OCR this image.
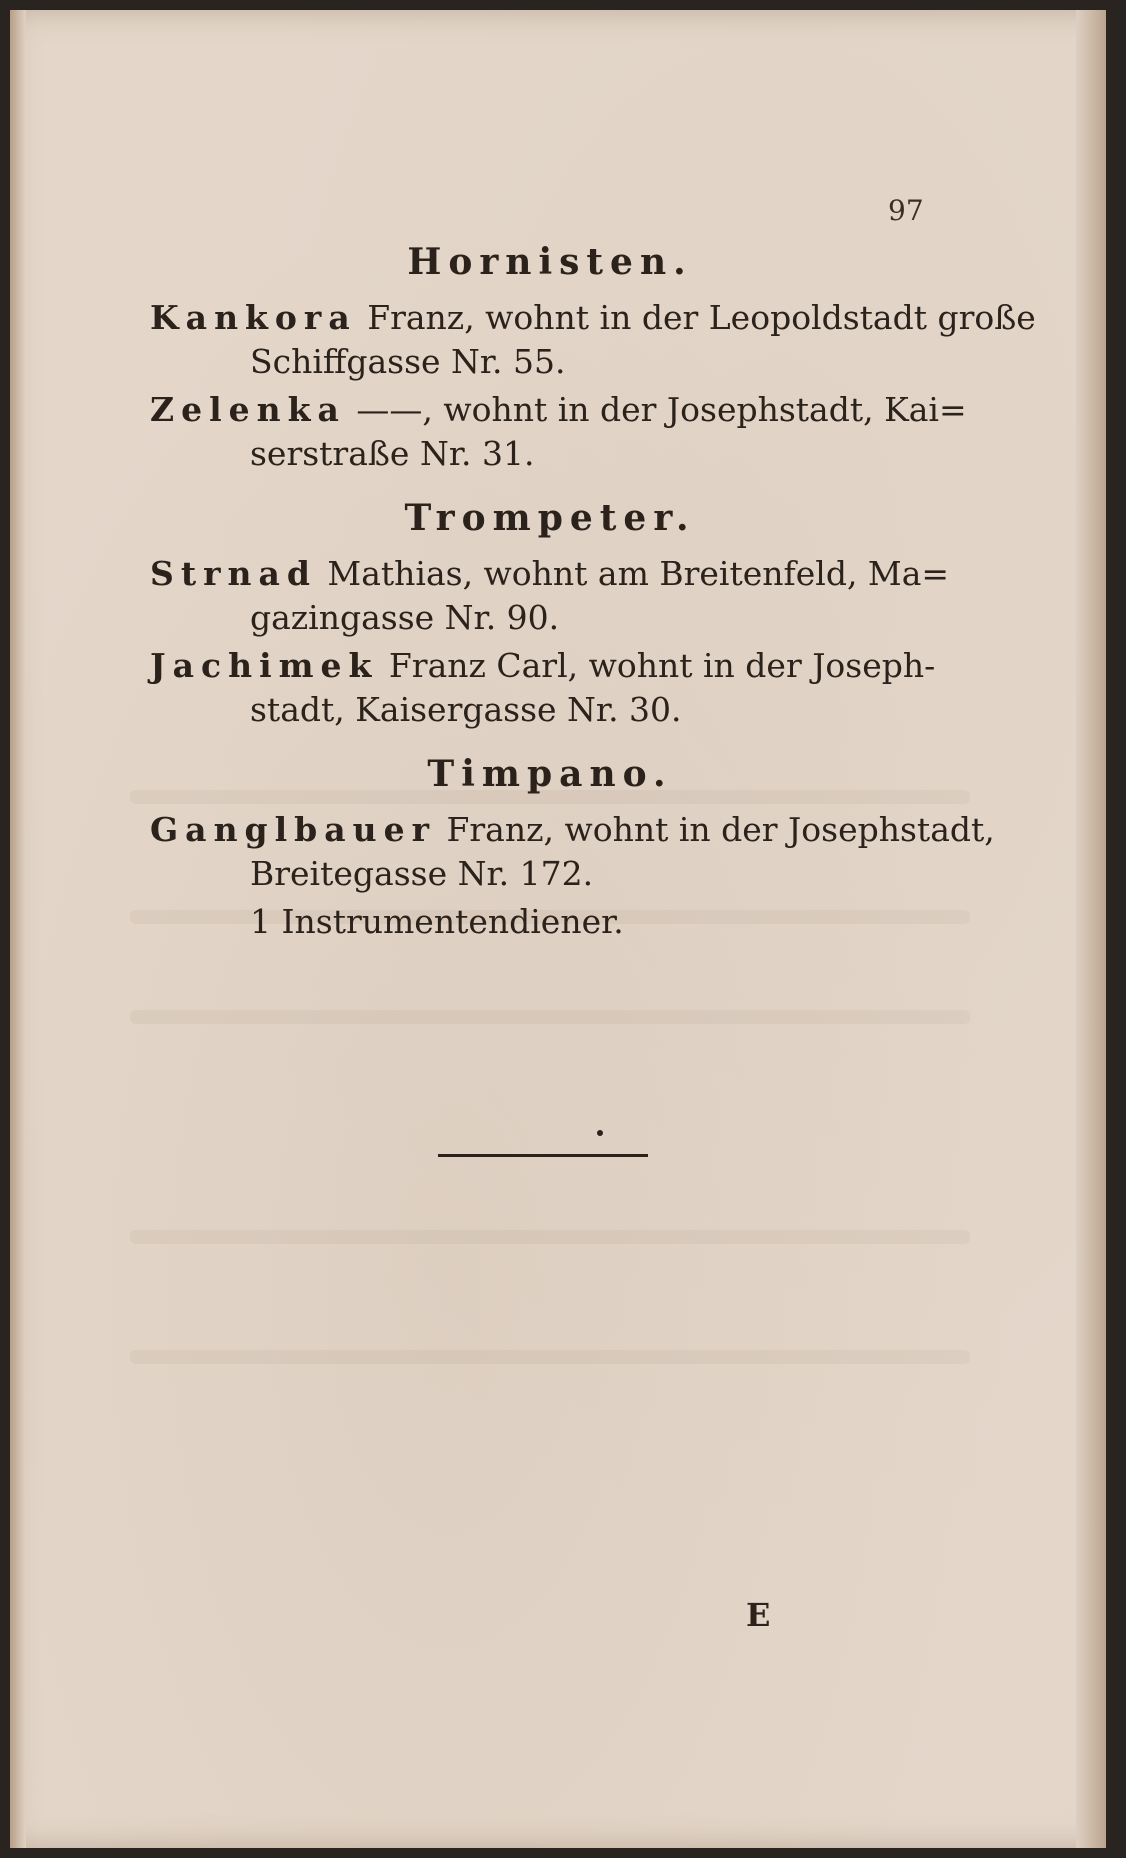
97
Hornisten.
Kankora Franz, wohnt in der Leopoldstadt große
Schiffgasse Nr. 55.
Zelenka ——, wohnt in der Josephstadt, Kai=
serstraße Nr. 31.
Trompeter.
Strnad Mathias, wohnt am Breitenfeld, Ma=
gazingasse Nr. 90.
Jachimek Franz Carl, wohnt in der Joseph-
stadt, Kaisergasse Nr. 30.
Timpano.
Ganglbauer Franz, wohnt in der Josephstadt,
Breitegasse Nr. 172.
1 Instrumentendiener.
E
